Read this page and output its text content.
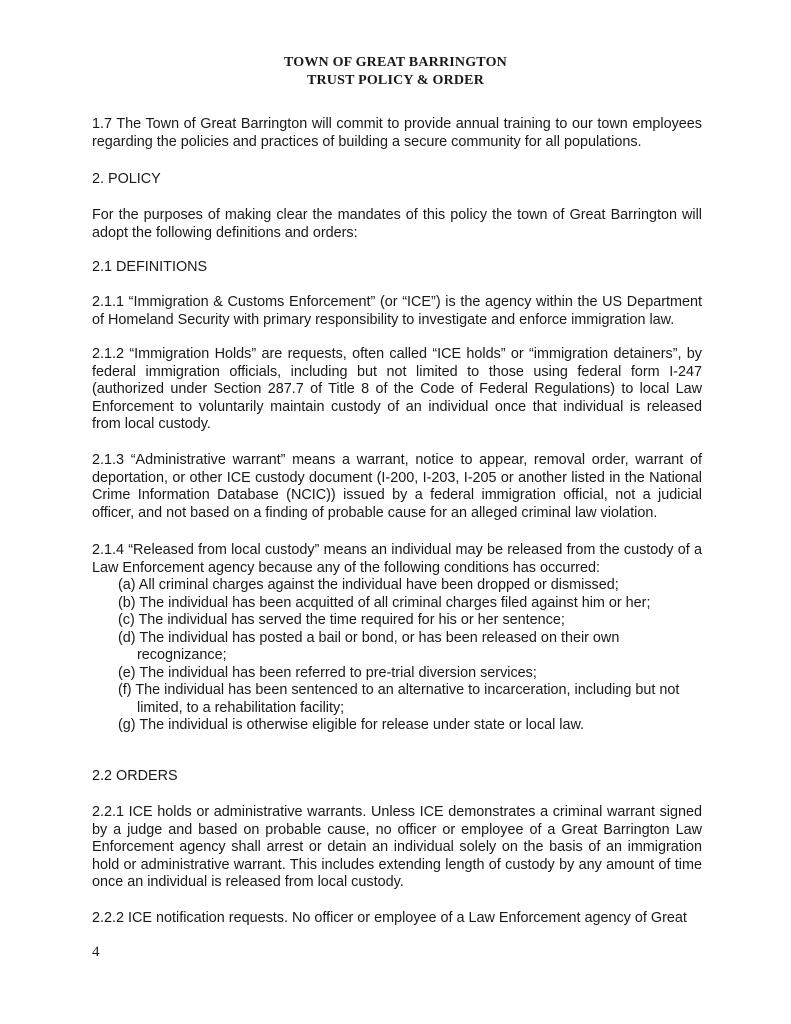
TOWN OF GREAT BARRINGTON
TRUST POLICY & ORDER
1.7 The Town of Great Barrington will commit to provide annual training to our town employees regarding the policies and practices of building a secure community for all populations.
2. POLICY
For the purposes of making clear the mandates of this policy the town of Great Barrington will adopt the following definitions and orders:
2.1 DEFINITIONS
2.1.1 “Immigration & Customs Enforcement” (or “ICE”) is the agency within the US Department of Homeland Security with primary responsibility to investigate and enforce immigration law.
2.1.2 “Immigration Holds” are requests, often called “ICE holds” or “immigration detainers”, by federal immigration officials, including but not limited to those using federal form I-247 (authorized under Section 287.7 of Title 8 of the Code of Federal Regulations) to local Law Enforcement to voluntarily maintain custody of an individual once that individual is released from local custody.
2.1.3 “Administrative warrant” means a warrant, notice to appear, removal order, warrant of deportation, or other ICE custody document (I-200, I-203, I-205 or another listed in the National Crime Information Database (NCIC)) issued by a federal immigration official, not a judicial officer, and not based on a finding of probable cause for an alleged criminal law violation.
2.1.4 “Released from local custody” means an individual may be released from the custody of a Law Enforcement agency because any of the following conditions has occurred:
(a) All criminal charges against the individual have been dropped or dismissed;
(b) The individual has been acquitted of all criminal charges filed against him or her;
(c) The individual has served the time required for his or her sentence;
(d) The individual has posted a bail or bond, or has been released on their own recognizance;
(e) The individual has been referred to pre-trial diversion services;
(f) The individual has been sentenced to an alternative to incarceration, including but not limited, to a rehabilitation facility;
(g) The individual is otherwise eligible for release under state or local law.
2.2 ORDERS
2.2.1 ICE holds or administrative warrants. Unless ICE demonstrates a criminal warrant signed by a judge and based on probable cause, no officer or employee of a Great Barrington Law Enforcement agency shall arrest or detain an individual solely on the basis of an immigration hold or administrative warrant. This includes extending length of custody by any amount of time once an individual is released from local custody.
2.2.2 ICE notification requests. No officer or employee of a Law Enforcement agency of Great
4
